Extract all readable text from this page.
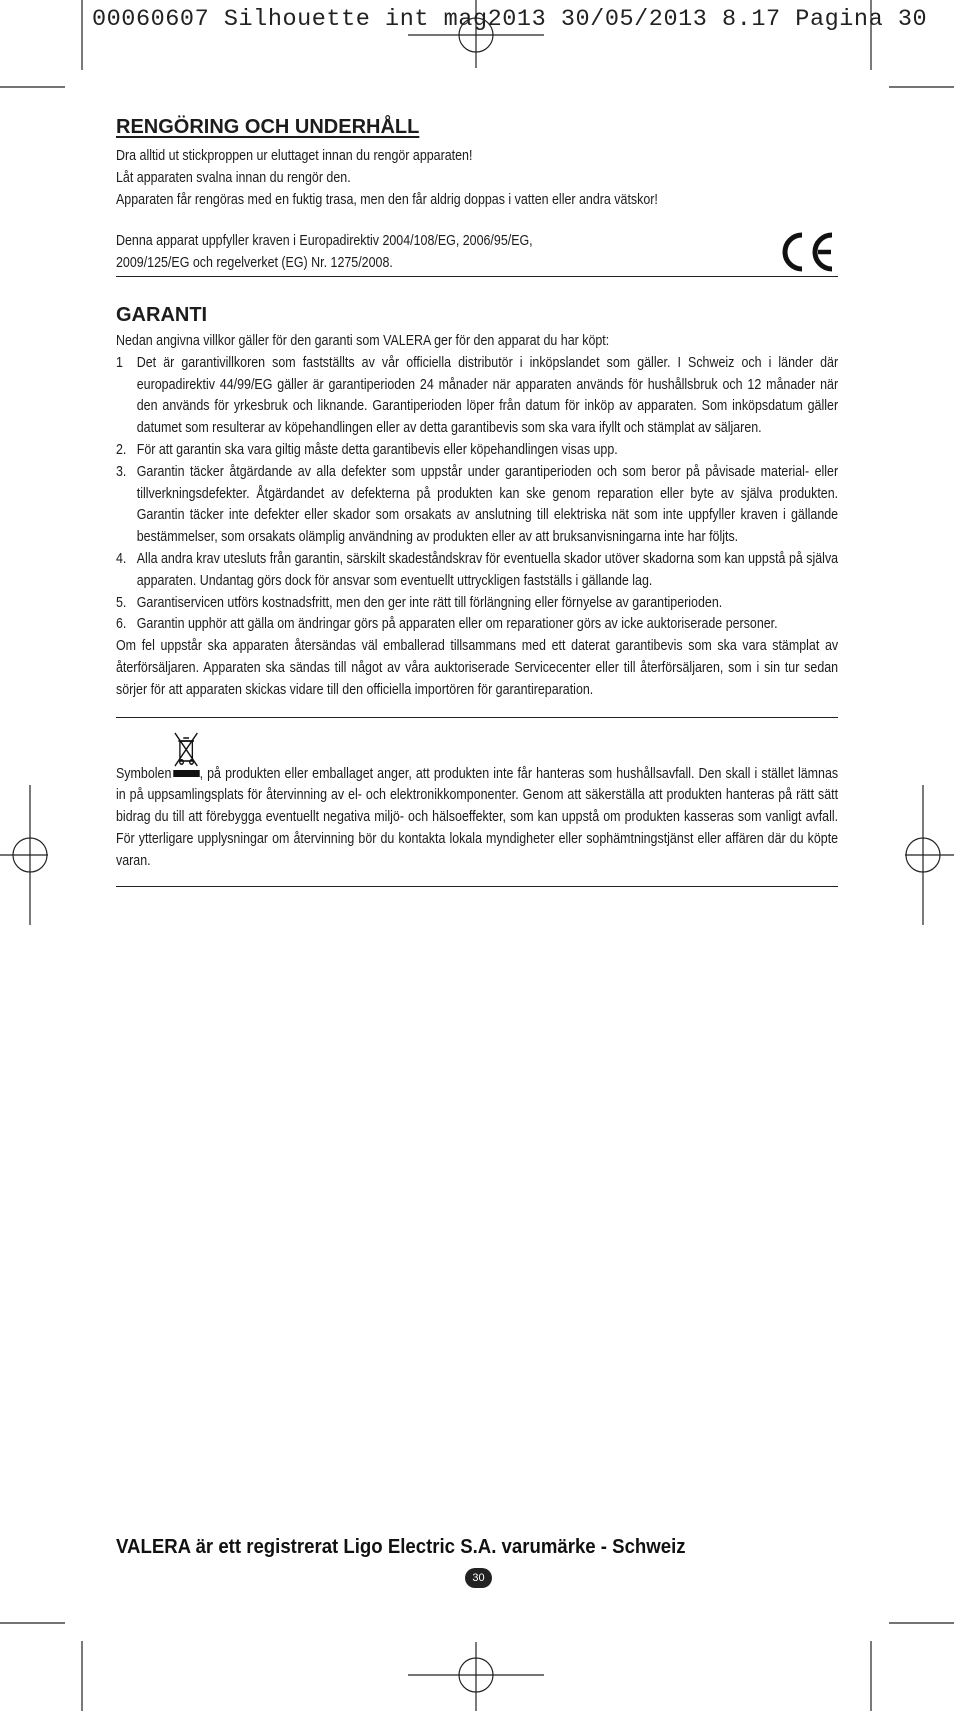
00060607 Silhouette int mag2013 30/05/2013 8.17 Pagina 30
RENGÖRING OCH UNDERHÅLL

Dra alltid ut stickproppen ur eluttaget innan du rengör apparaten!

Låt apparaten svalna innan du rengör den.

Apparaten får rengöras med en fuktig trasa, men den får aldrig doppas i vatten eller andra vätskor!

Denna apparat uppfyller kraven i Europadirektiv 2004/108/EG, 2006/95/EG,

2009/125/EG och regelverket (EG) Nr. 1275/2008.

GARANTI

Nedan angivna villkor gäller för den garanti som VALERA ger för den apparat du har köpt:

1 Det är garantivillkoren som fastställts av vår officiella distributör i inköpslandet som gäller. I Schweiz och i länder där europadirektiv 44/99/EG gäller är garantiperioden 24 månader när apparaten används för hushållsbruk och 12 månader när den används för yrkesbruk och liknande. Garantiperioden löper från datum för inköp av apparaten. Som inköpsdatum gäller datumet som resulterar av köpehandlingen eller av detta garantibevis som ska vara ifyllt och stämplat av säljaren.
2. För att garantin ska vara giltig måste detta garantibevis eller köpehandlingen visas upp.
3. Garantin täcker åtgärdande av alla defekter som uppstår under garantiperioden och som beror på påvisade material- eller tillverkningsdefekter. Åtgärdandet av defekterna på produkten kan ske genom reparation eller byte av själva produkten. Garantin täcker inte defekter eller skador som orsakats av anslutning till elektriska nät som inte uppfyller kraven i gällande bestämmelser, som orsakats olämplig användning av produkten eller av att bruksanvisningarna inte har följts.
4. Alla andra krav utesluts från garantin, särskilt skadeståndskrav för eventuella skador utöver skadorna som kan uppstå på själva apparaten. Undantag görs dock för ansvar som eventuellt uttryckligen fastställs i gällande lag.
5. Garantiservicen utförs kostnadsfritt, men den ger inte rätt till förlängning eller förnyelse av garantiperioden.
6. Garantin upphör att gälla om ändringar görs på apparaten eller om reparationer görs av icke auktoriserade personer.

Om fel uppstår ska apparaten återsändas väl emballerad tillsammans med ett daterat garantibevis som ska vara stämplat av återförsäljaren. Apparaten ska sändas till något av våra auktoriserade Servicecenter eller till återförsäljaren, som i sin tur sedan sörjer för att apparaten skickas vidare till den officiella importören för garantireparation.

Symbolen , på produkten eller emballaget anger, att produkten inte får hanteras som hushållsavfall. Den skall i stället lämnas in på uppsamlingsplats för återvinning av el- och elektronikkomponenter. Genom att säkerställa att produkten hanteras på rätt sätt bidrag du till att förebygga eventuellt negativa miljö- och hälsoeffekter, som kan uppstå om produkten kasseras som vanligt avfall. För ytterligare upplysningar om återvinning bör du kontakta lokala myndigheter eller sophämtningstjänst eller affären där du köpte varan.

VALERA är ett registrerat Ligo Electric S.A. varumärke - Schweiz
30
